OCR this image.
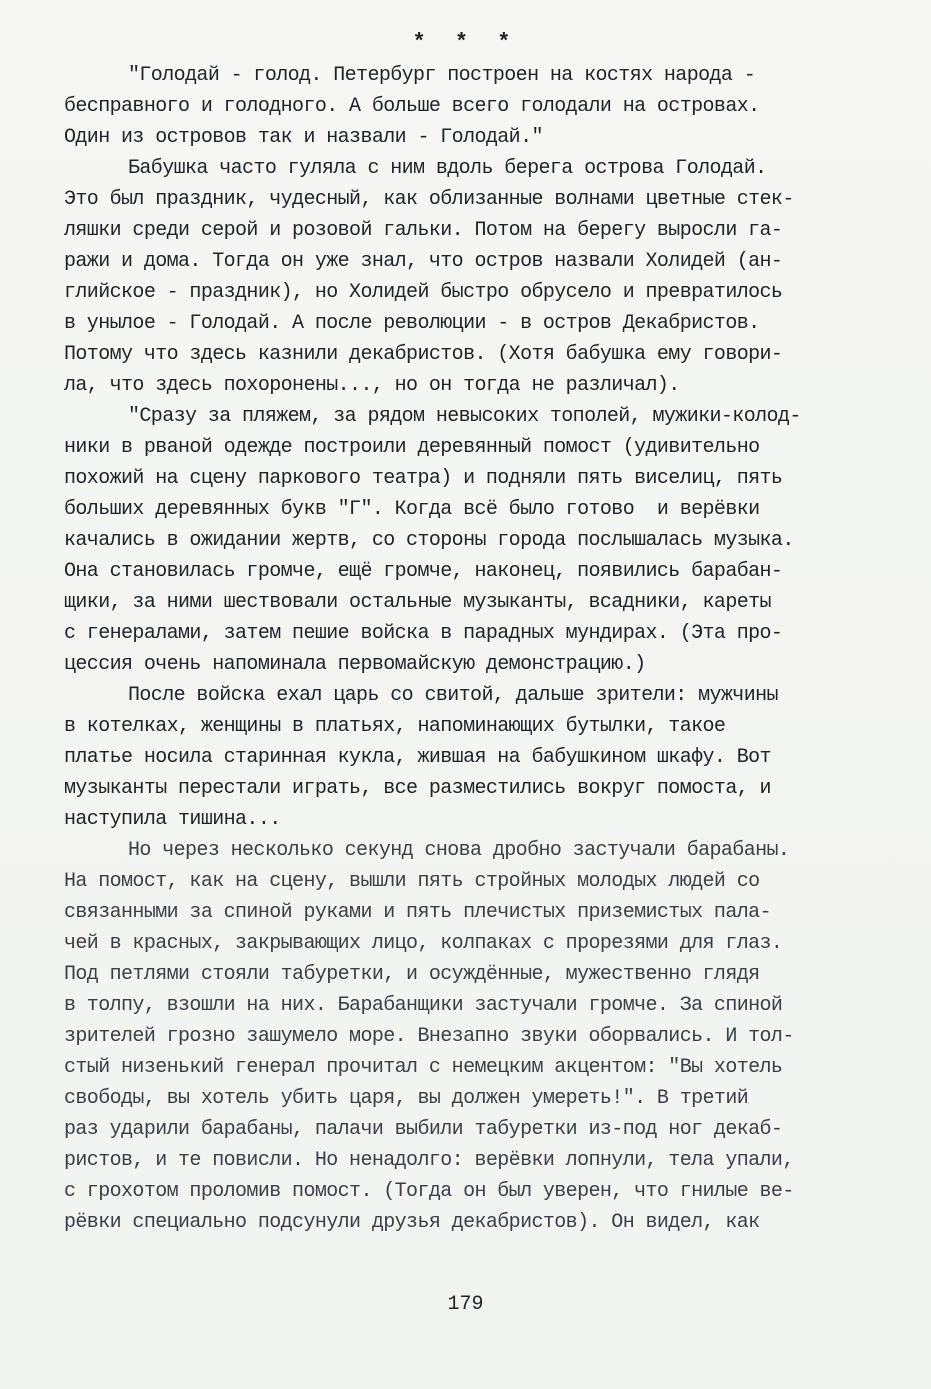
* * *
"Голодай - голод. Петербург построен на костях народа -
бесправного и голодного. А больше всего голодали на островах.
Один из островов так и назвали - Голодай."
Бабушка часто гуляла с ним вдоль берега острова Голодай.
Это был праздник, чудесный, как облизанные волнами цветные стек-
ляшки среди серой и розовой гальки. Потом на берегу выросли га-
ражи и дома. Тогда он уже знал, что остров назвали Холидей (ан-
глийское - праздник), но Холидей быстро обрусело и превратилось
в унылое - Голодай. А после революции - в остров Декабристов.
Потому что здесь казнили декабристов. (Хотя бабушка ему говори-
ла, что здесь похоронены..., но он тогда не различал).
"Сразу за пляжем, за рядом невысоких тополей, мужики-колод-
ники в рваной одежде построили деревянный помост (удивительно
похожий на сцену паркового театра) и подняли пять виселиц, пять
больших деревянных букв "Г". Когда всё было готово  и верёвки
качались в ожидании жертв, со стороны города послышалась музыка.
Она становилась громче, ещё громче, наконец, появились барабан-
щики, за ними шествовали остальные музыканты, всадники, кареты
с генералами, затем пешие войска в парадных мундирах. (Эта про-
цессия очень напоминала первомайскую демонстрацию.)
После войска ехал царь со свитой, дальше зрители: мужчины
в котелках, женщины в платьях, напоминающих бутылки, такое
платье носила старинная кукла, жившая на бабушкином шкафу. Вот
музыканты перестали играть, все разместились вокруг помоста, и
наступила тишина...
Но через несколько секунд снова дробно застучали барабаны.
На помост, как на сцену, вышли пять стройных молодых людей со
связанными за спиной руками и пять плечистых приземистых пала-
чей в красных, закрывающих лицо, колпаках с прорезями для глаз.
Под петлями стояли табуретки, и осуждённые, мужественно глядя
в толпу, взошли на них. Барабанщики застучали громче. За спиной
зрителей грозно зашумело море. Внезапно звуки оборвались. И тол-
стый низенький генерал прочитал с немецким акцентом: "Вы хотель
свободы, вы хотель убить царя, вы должен умереть!". В третий
раз ударили барабаны, палачи выбили табуретки из-под ног декаб-
ристов, и те повисли. Но ненадолго: верёвки лопнули, тела упали,
с грохотом проломив помост. (Тогда он был уверен, что гнилые ве-
рёвки специально подсунули друзья декабристов). Он видел, как
179
